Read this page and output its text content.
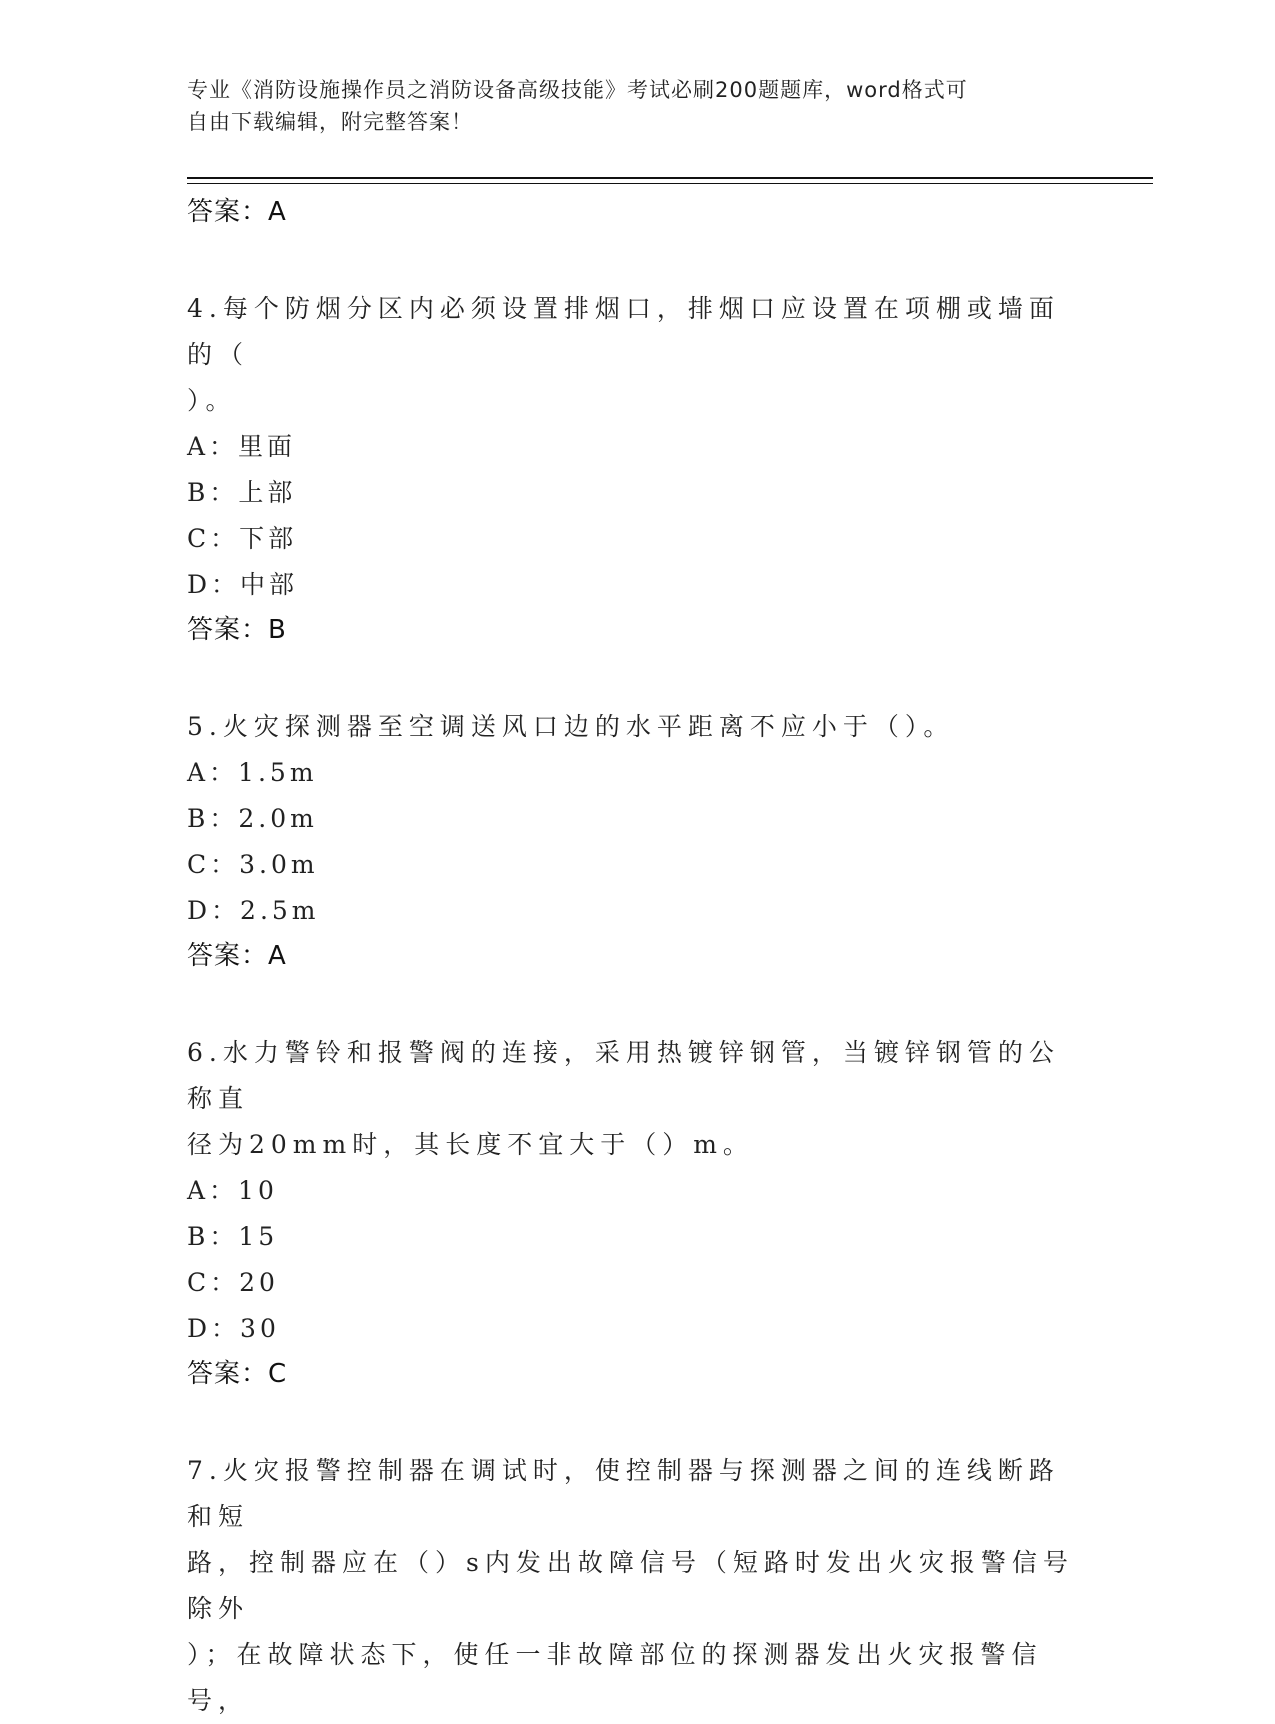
专业《消防设施操作员之消防设备高级技能》考试必刷200题题库，word格式可
自由下载编辑，附完整答案！
答案：A
4.每个防烟分区内必须设置排烟口，排烟口应设置在项棚或墙面的（
）。
A：里面
B：上部
C：下部
D：中部
答案：B
5.火灾探测器至空调送风口边的水平距离不应小于（）。
A：1.5m
B：2.0m
C：3.0m
D：2.5m
答案：A
6.水力警铃和报警阀的连接，采用热镀锌钢管，当镀锌钢管的公称直
径为20mm时，其长度不宜大于（）m。
A：10
B：15
C：20
D：30
答案：C
7.火灾报警控制器在调试时，使控制器与探测器之间的连线断路和短
路，控制器应在（）s内发出故障信号（短路时发出火灾报警信号除外
）；在故障状态下，使任一非故障部位的探测器发出火灾报警信号，
